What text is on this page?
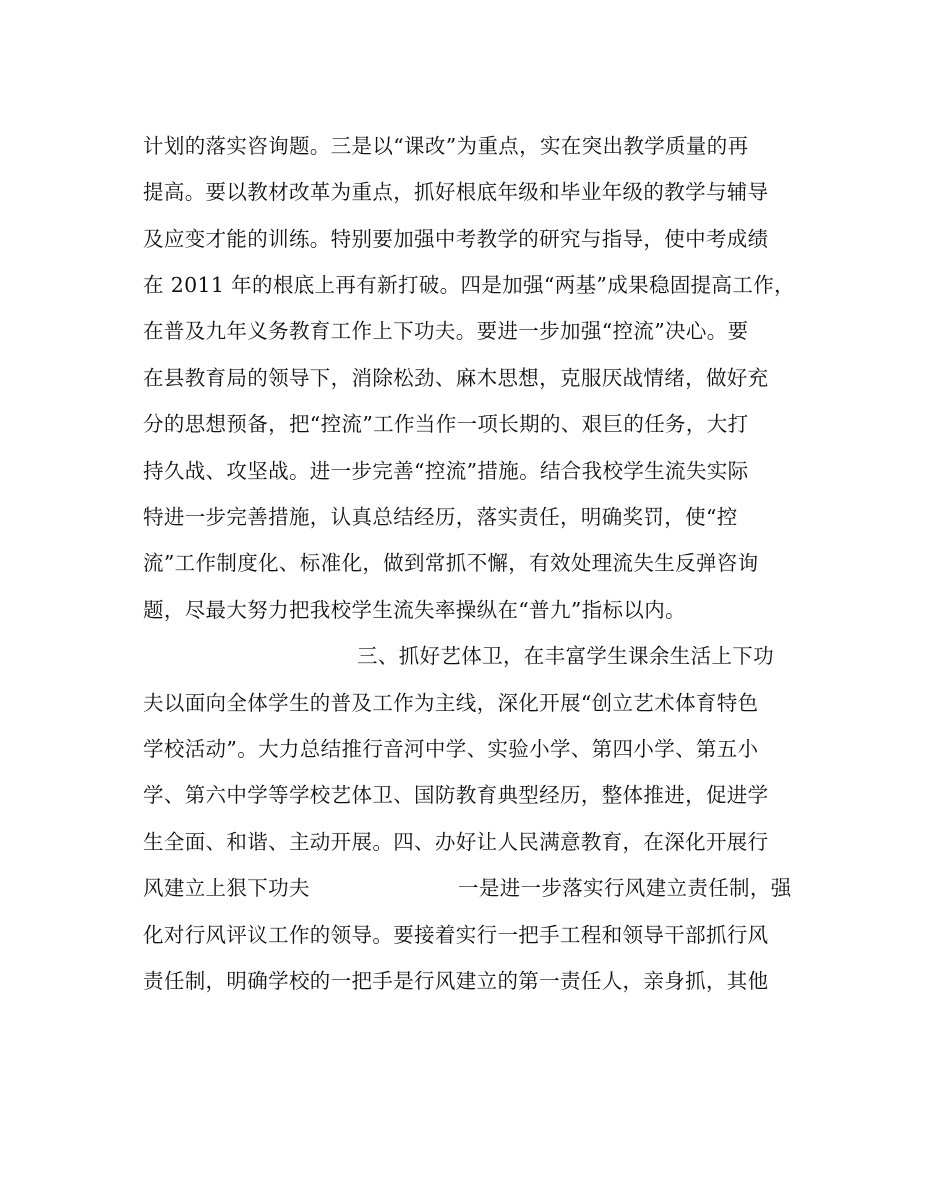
计划的落实咨询题。三是以“课改”为重点，实在突出教学质量的再
提高。要以教材改革为重点，抓好根底年级和毕业年级的教学与辅导
及应变才能的训练。特别要加强中考教学的研究与指导，使中考成绩
在 2011 年的根底上再有新打破。四是加强“两基”成果稳固提高工作，
在普及九年义务教育工作上下功夫。要进一步加强“控流”决心。要
在县教育局的领导下，消除松劲、麻木思想，克服厌战情绪，做好充
分的思想预备，把“控流”工作当作一项长期的、艰巨的任务，大打
持久战、攻坚战。进一步完善“控流”措施。结合我校学生流失实际
特进一步完善措施，认真总结经历，落实责任，明确奖罚，使“控
流”工作制度化、标准化，做到常抓不懈，有效处理流失生反弹咨询
题，尽最大努力把我校学生流失率操纵在“普九”指标以内。
三、抓好艺体卫，在丰富学生课余生活上下功
夫以面向全体学生的普及工作为主线，深化开展“创立艺术体育特色
学校活动”。大力总结推行音河中学、实验小学、第四小学、第五小
学、第六中学等学校艺体卫、国防教育典型经历，整体推进，促进学
生全面、和谐、主动开展。四、办好让人民满意教育，在深化开展行
风建立上狠下功夫	一是进一步落实行风建立责任制，强
化对行风评议工作的领导。要接着实行一把手工程和领导干部抓行风
责任制，明确学校的一把手是行风建立的第一责任人，亲身抓，其他
